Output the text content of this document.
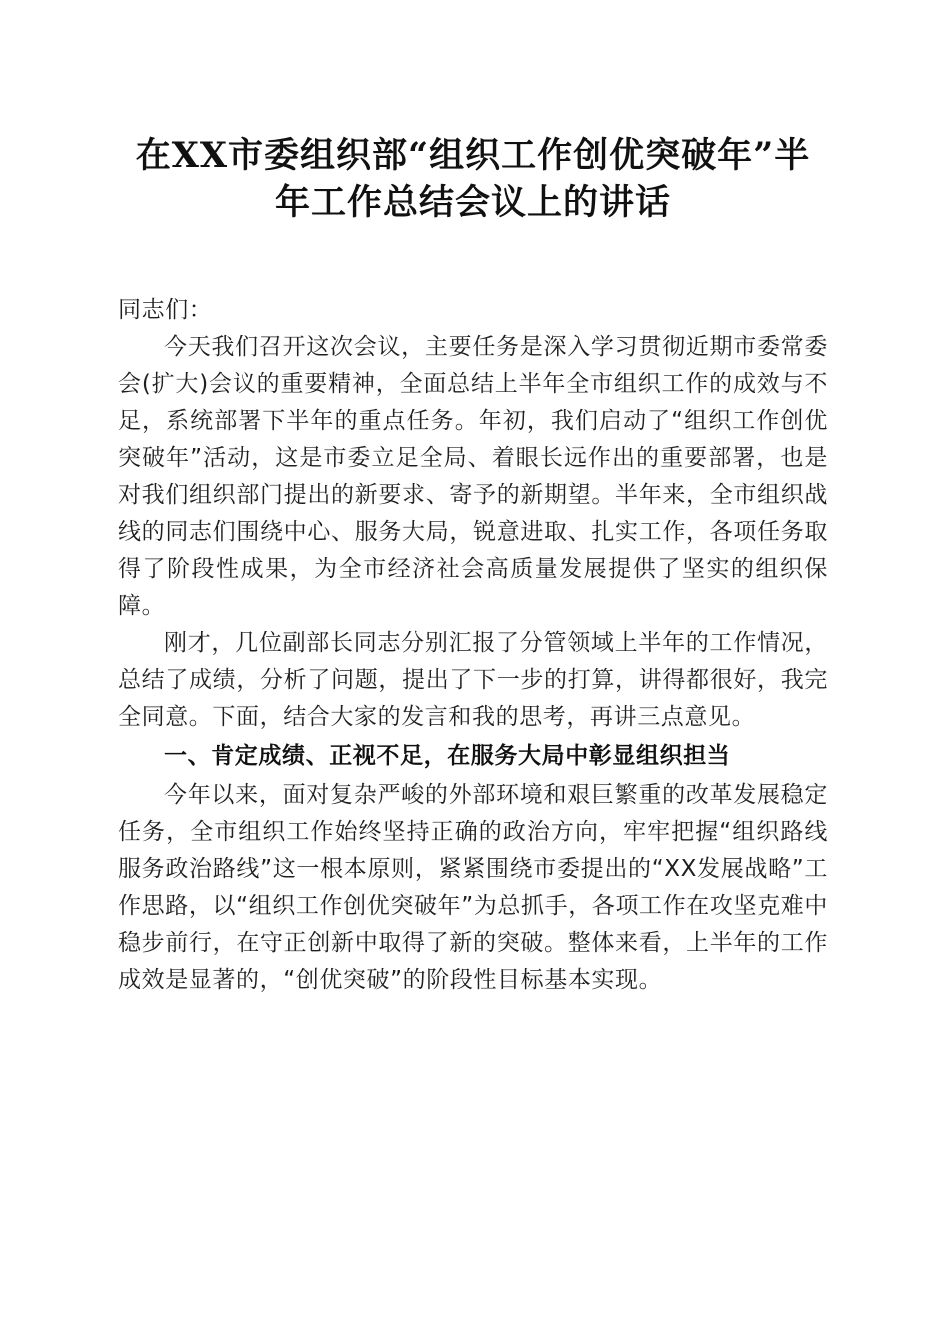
在XX市委组织部“组织工作创优突破年”半年工作总结会议上的讲话

同志们：

今天我们召开这次会议，主要任务是深入学习贯彻近期市委常委会(扩大)会议的重要精神，全面总结上半年全市组织工作的成效与不足，系统部署下半年的重点任务。年初，我们启动了“组织工作创优突破年”活动，这是市委立足全局、着眼长远作出的重要部署，也是对我们组织部门提出的新要求、寄予的新期望。半年来，全市组织战线的同志们围绕中心、服务大局，锐意进取、扎实工作，各项任务取得了阶段性成果，为全市经济社会高质量发展提供了坚实的组织保障。

刚才，几位副部长同志分别汇报了分管领域上半年的工作情况，总结了成绩，分析了问题，提出了下一步的打算，讲得都很好，我完全同意。下面，结合大家的发言和我的思考，再讲三点意见。

一、肯定成绩、正视不足，在服务大局中彰显组织担当

今年以来，面对复杂严峻的外部环境和艰巨繁重的改革发展稳定任务，全市组织工作始终坚持正确的政治方向，牢牢把握“组织路线服务政治路线”这一根本原则，紧紧围绕市委提出的“XX发展战略”工作思路，以“组织工作创优突破年”为总抓手，各项工作在攻坚克难中稳步前行，在守正创新中取得了新的突破。整体来看，上半年的工作成效是显著的，“创优突破”的阶段性目标基本实现。
